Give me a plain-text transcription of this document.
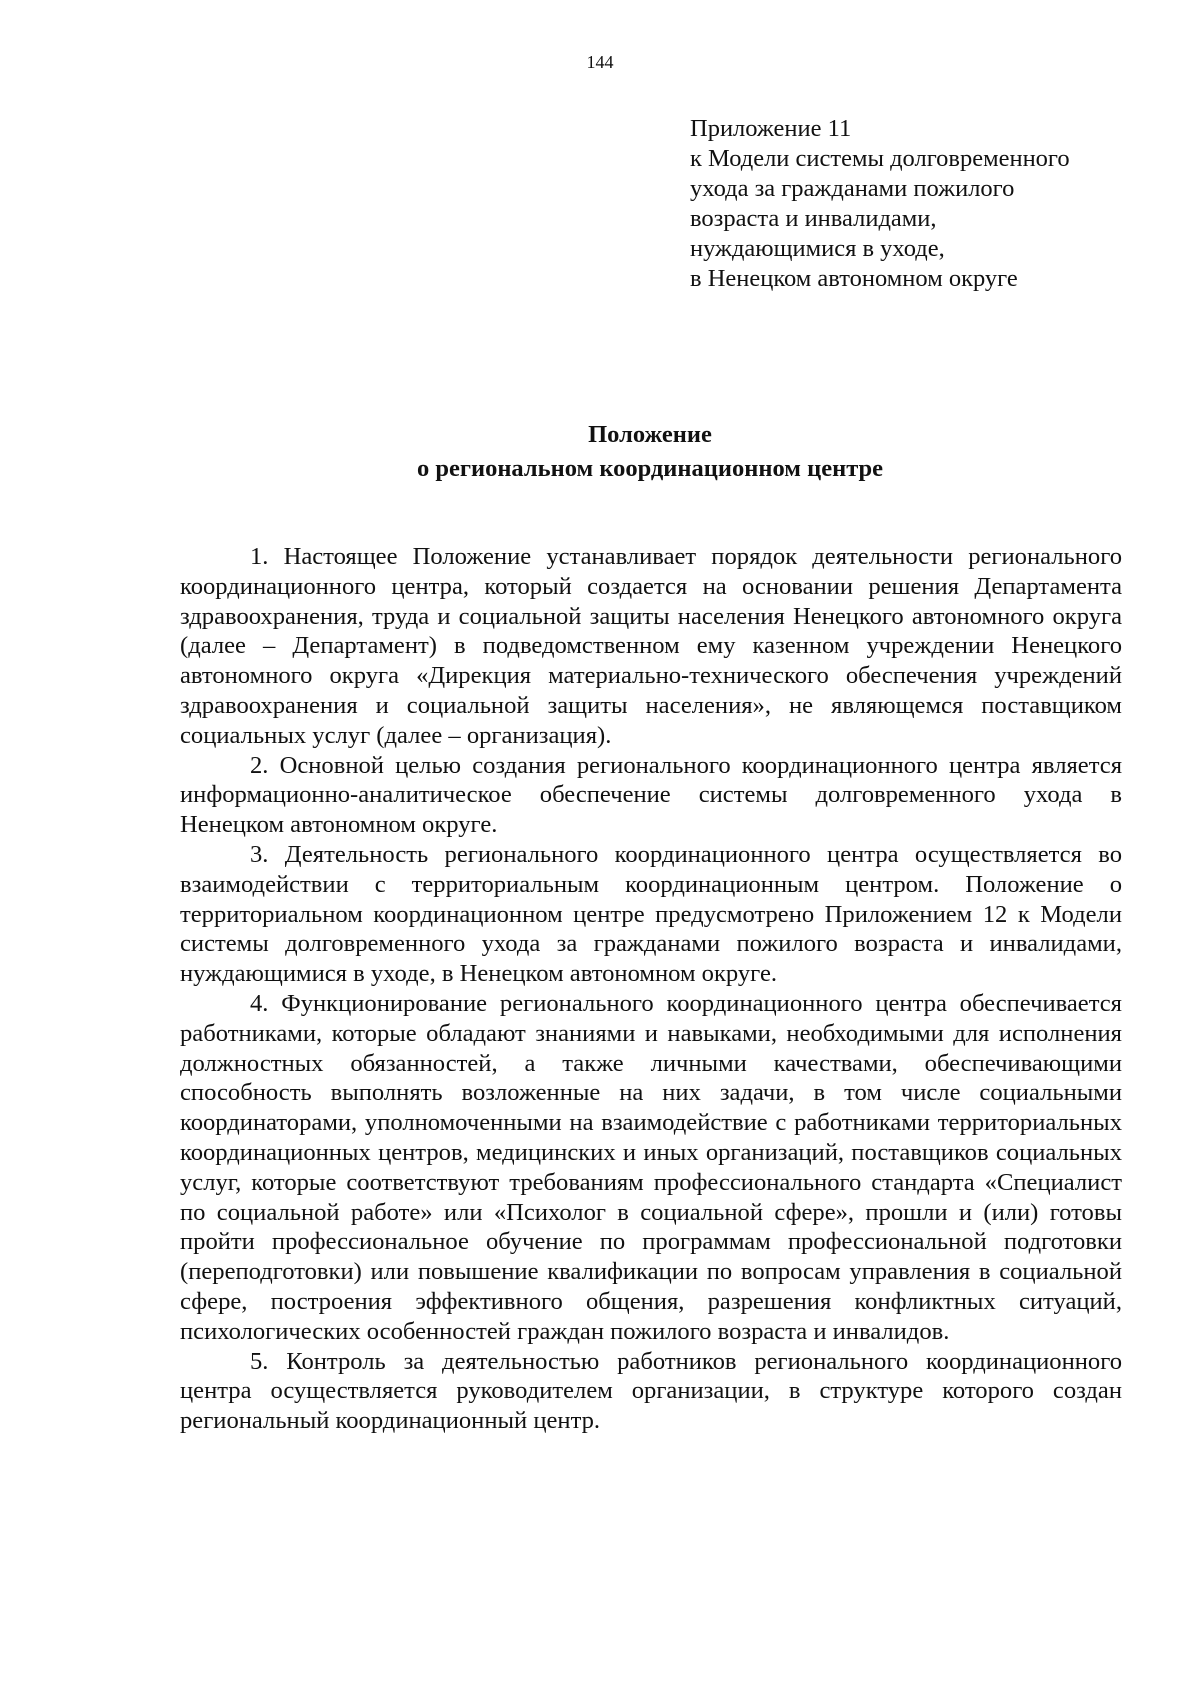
144
Приложение 11
к Модели системы долговременного
ухода за гражданами пожилого
возраста и инвалидами,
нуждающимися в уходе,
в Ненецком автономном округе
Положение
о региональном координационном центре

1. Настоящее Положение устанавливает порядок деятельности регионального координационного центра, который создается на основании решения Департамента здравоохранения, труда и социальной защиты населения Ненецкого автономного округа (далее – Департамент) в подведомственном ему казенном учреждении Ненецкого автономного округа «Дирекция материально-технического обеспечения учреждений здравоохранения и социальной защиты населения», не являющемся поставщиком социальных услуг (далее – организация).

2. Основной целью создания регионального координационного центра является информационно-аналитическое обеспечение системы долговременного ухода в Ненецком автономном округе.

3. Деятельность регионального координационного центра осуществляется во взаимодействии с территориальным координационным центром. Положение о территориальном координационном центре предусмотрено Приложением 12 к Модели системы долговременного ухода за гражданами пожилого возраста и инвалидами, нуждающимися в уходе, в Ненецком автономном округе.

4. Функционирование регионального координационного центра обеспечивается работниками, которые обладают знаниями и навыками, необходимыми для исполнения должностных обязанностей, а также личными качествами, обеспечивающими способность выполнять возложенные на них задачи, в том числе социальными координаторами, уполномоченными на взаимодействие с работниками территориальных координационных центров, медицинских и иных организаций, поставщиков социальных услуг, которые соответствуют требованиям профессионального стандарта «Специалист по социальной работе» или «Психолог в социальной сфере», прошли и (или) готовы пройти профессиональное обучение по программам профессиональной подготовки (переподготовки) или повышение квалификации по вопросам управления в социальной сфере, построения эффективного общения, разрешения конфликтных ситуаций, психологических особенностей граждан пожилого возраста и инвалидов.

5. Контроль за деятельностью работников регионального координационного центра осуществляется руководителем организации, в структуре которого создан региональный координационный центр.
